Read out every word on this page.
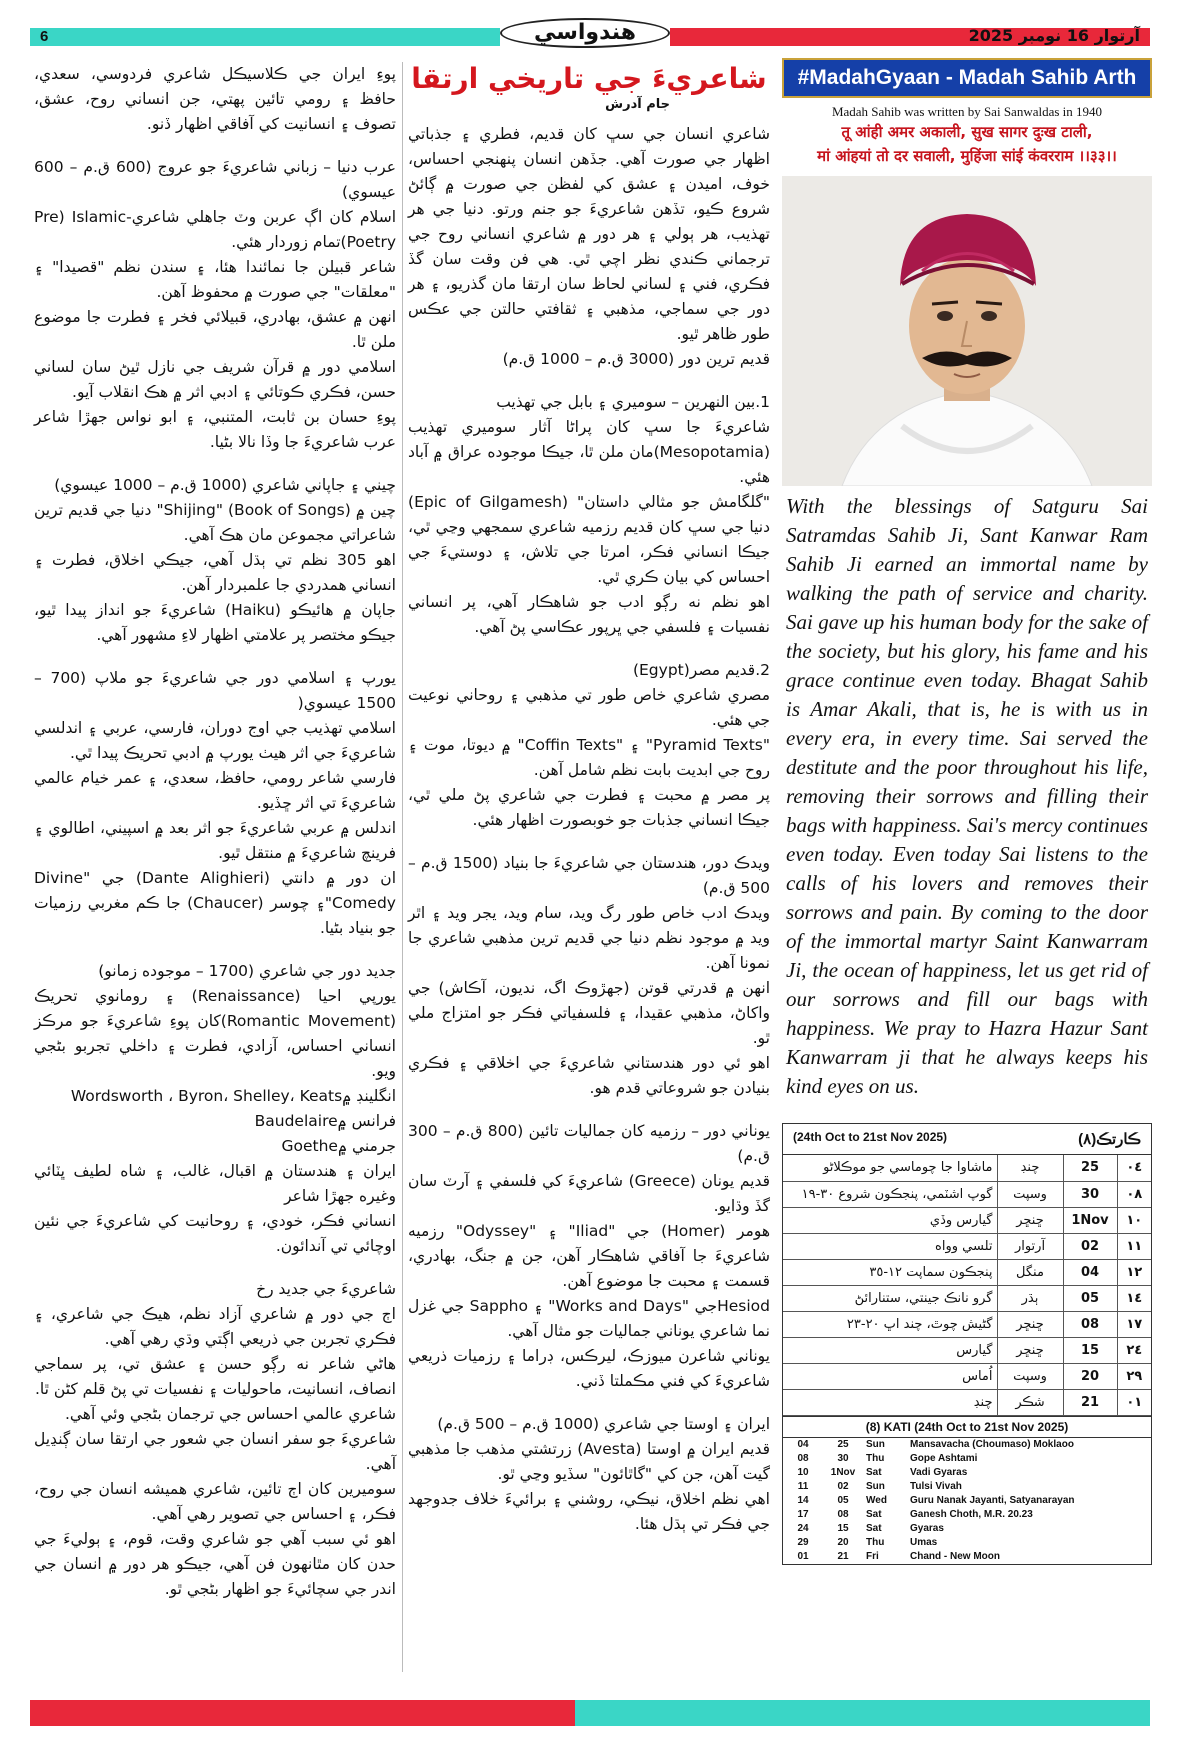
6	هندواسي	آرتوار 16 نومبر 2025

پوءِ ايران جي ڪلاسيڪل شاعري فردوسي، سعدي، حافظ ۽ رومي تائين پهتي، جن انساني روح، عشق، تصوف ۽ انسانيت کي آفاقي اظهار ڏنو.

عرب دنيا – زباني شاعريءَ جو عروج (600 ق.م – 600 عيسوي)

اسلام کان اڳ عربن وٽ جاهلي شاعري-Pre) Islamic Poetry)تمام زوردار هئي.

شاعر قبيلن جا نمائندا هئا، ۽ سندن نظم "قصيدا" ۽ "معلقات" جي صورت ۾ محفوظ آهن.

انهن ۾ عشق، بهادري، قبيلائي فخر ۽ فطرت جا موضوع ملن ٿا.

اسلامي دور ۾ قرآن شريف جي نازل ٿيڻ سان لساني حسن، فڪري ڪوتائي ۽ ادبي اثر ۾ هڪ انقلاب آيو.

پوءِ حسان بن ثابت، المتنبي، ۽ ابو نواس جهڙا شاعر عرب شاعريءَ جا وڏا نالا بڻيا.

چيني ۽ جاپاني شاعري (1000 ق.م – 1000 عيسوي)

چين ۾ (Shijing" (Book of Songs" دنيا جي قديم ترين شاعراتي مجموعن مان هڪ آهي.

اهو 305 نظم تي ٻڌل آهي، جيڪي اخلاق، فطرت ۽ انساني همدردي جا علمبردار آهن.

جاپان ۾ هائيڪو (Haiku) شاعريءَ جو انداز پيدا ٿيو، جيڪو مختصر پر علامتي اظهار لاءِ مشهور آهي.

يورپ ۽ اسلامي دور جي شاعريءَ جو ملاپ (700 – 1500 عيسوي(

اسلامي تهذيب جي اوج دوران، فارسي، عربي ۽ اندلسي شاعريءَ جي اثر هيٺ يورپ ۾ ادبي تحريڪ پيدا ٿي.

فارسي شاعر رومي، حافظ، سعدي، ۽ عمر خيام عالمي شاعريءَ تي اثر ڇڏيو.

اندلس ۾ عربي شاعريءَ جو اثر بعد ۾ اسپيني، اطالوي ۽ فرينچ شاعريءَ ۾ منتقل ٿيو.

ان دور ۾ دانتي (Dante Alighieri) جي "Divine Comedy"۽ چوسر (Chaucer) جا ڪم مغربي رزميات جو بنياد بڻيا.

جديد دور جي شاعري (1700 – موجوده زمانو)

يورپي احيا (Renaissance) ۽ رومانوي تحريڪ (Romantic Movement)کان پوءِ شاعريءَ جو مرڪز انساني احساس، آزادي، فطرت ۽ داخلي تجربو بڻجي ويو.

انگلينڊ ۾Wordsworth ، Byron، Shelley، Keats

فرانس ۾Baudelaire

جرمني ۾Goethe

ايران ۽ هندستان ۾ اقبال، غالب، ۽ شاه لطيف ڀٽائي وغيره جهڙا شاعر

انساني فڪر، خودي، ۽ روحانيت کي شاعريءَ جي نئين اوچائي تي آندائون.

شاعريءَ جي جديد رخ

اڄ جي دور ۾ شاعري آزاد نظم، هيڪ جي شاعري، ۽ فڪري تجربن جي ذريعي اڳتي وڌي رهي آهي.

هاڻي شاعر نه رڳو حسن ۽ عشق تي، پر سماجي انصاف، انسانيت، ماحوليات ۽ نفسيات تي پڻ قلم کڻن ٿا.

شاعري عالمي احساس جي ترجمان بڻجي وئي آهي.

شاعريءَ جو سفر انسان جي شعور جي ارتقا سان ڳنڍيل آهي.

سوميرين کان اڄ تائين، شاعري هميشه انسان جي روح، فڪر، ۽ احساس جي تصوير رهي آهي.

اهو ئي سبب آهي جو شاعري وقت، قوم، ۽ ٻوليءَ جي حدن کان مٿانهون فن آهي، جيڪو هر دور ۾ انسان جي اندر جي سچائيءَ جو اظهار بڻجي ٿو.

شاعريءَ جي تاريخي ارتقا
جام آدرش

شاعري انسان جي سڀ کان قديم، فطري ۽ جذباتي اظهار جي صورت آهي. جڏهن انسان پنهنجي احساس، خوف، اميدن ۽ عشق کي لفظن جي صورت ۾ ڳائڻ شروع ڪيو، تڏهن شاعريءَ جو جنم ورتو. دنيا جي هر تهذيب، هر ٻولي ۽ هر دور ۾ شاعري انساني روح جي ترجماني ڪندي نظر اچي ٿي. هي فن وقت سان گڏ فڪري، فني ۽ لساني لحاظ سان ارتقا مان گذريو، ۽ هر دور جي سماجي، مذهبي ۽ ثقافتي حالتن جي عڪس طور ظاهر ٿيو.

قديم ترين دور (3000 ق.م – 1000 ق.م)

1.بين النهرين – سوميري ۽ بابل جي تهذيب

شاعريءَ جا سڀ کان پراڻا آثار سوميري تهذيب (Mesopotamia)مان ملن ٿا، جيڪا موجوده عراق ۾ آباد هئي.

"گلگامش جو مثالي داستان" (Epic of Gilgamesh) دنيا جي سڀ کان قديم رزميه شاعري سمجهي وڃي ٿي، جيڪا انساني فڪر، امرتا جي تلاش، ۽ دوستيءَ جي احساس کي بيان ڪري ٿي.

اهو نظم نه رڳو ادب جو شاهڪار آهي، پر انساني نفسيات ۽ فلسفي جي ڀرپور عڪاسي پڻ آهي.

2.قديم مصر(Egypt)

مصري شاعري خاص طور تي مذهبي ۽ روحاني نوعيت جي هئي.

"Pyramid Texts" ۽ "Coffin Texts" ۾ ديوتا، موت ۽ روح جي ابديت بابت نظم شامل آهن.

پر مصر ۾ محبت ۽ فطرت جي شاعري پڻ ملي ٿي، جيڪا انساني جذبات جو خوبصورت اظهار هئي.

ويدڪ دور، هندستان جي شاعريءَ جا بنياد (1500 ق.م – 500 ق.م)

ويدڪ ادب خاص طور رگ ويد، سام ويد، يجر ويد ۽ اٿر ويد ۾ موجود نظم دنيا جي قديم ترين مذهبي شاعري جا نمونا آهن.

انهن ۾ قدرتي قوتن (جهڙوڪ اگ، نديون، آڪاش) جي واکاڻ، مذهبي عقيدا، ۽ فلسفياتي فڪر جو امتزاج ملي ٿو.

اهو ئي دور هندستاني شاعريءَ جي اخلاقي ۽ فڪري بنيادن جو شروعاتي قدم هو.

يوناني دور – رزميه کان جماليات تائين (800 ق.م – 300 ق.م)

قديم يونان (Greece) شاعريءَ کي فلسفي ۽ آرٽ سان گڏ وڌايو.

هومر (Homer) جي "Iliad" ۽ "Odyssey" رزميه شاعريءَ جا آفاقي شاهڪار آهن، جن ۾ جنگ، بهادري، قسمت ۽ محبت جا موضوع آهن.

Hesiodجي "Works and Days" ۽ Sappho جي غزل نما شاعري يوناني جماليات جو مثال آهي.

يوناني شاعرن ميوزڪ، ليرڪس، ڊراما ۽ رزميات ذريعي شاعريءَ کي فني مڪملتا ڏني.

ايران ۽ اوستا جي شاعري (1000 ق.م – 500 ق.م)

قديم ايران ۾ اوستا (Avesta) زرتشتي مذهب جا مذهبي گيت آهن، جن کي "گاٿائون" سڏيو وڃي ٿو.

اهي نظم اخلاق، نيڪي، روشني ۽ برائيءَ خلاف جدوجهد جي فڪر تي ٻڌل هئا.

#MadahGyaan - Madah Sahib Arth
Madah Sahib was written by Sai Sanwaldas in 1940
तू आंही अमर अकाली, सुख सागर दुःख टाली,
मां आंहयां तो दर सवाली, मुहिंजा सांई कंवरराम ।।३३।।
With the blessings of Satguru Sai Satramdas Sahib Ji, Sant Kanwar Ram Sahib Ji earned an immortal name by walking the path of service and charity. Sai gave up his human body for the sake of the society, but his glory, his fame and his grace continue even today. Bhagat Sahib is Amar Akali, that is, he is with us in every era, in every time. Sai served the destitute and the poor throughout his life, removing their sorrows and filling their bags with happiness. Sai's mercy continues even today. Even today Sai listens to the calls of his lovers and removes their sorrows and pain. By coming to the door of the immortal martyr Saint Kanwarram Ji, the ocean of happiness, let us get rid of our sorrows and fill our bags with happiness. We pray to Hazra Hazur Sant Kanwarram ji that he always keeps his kind eyes on us.
(24th Oct to 21st Nov 2025)	ڪارتڪ(٨)
٠٤	25	چنڊ	ماشاوا جا چوماسي جو موڪلاڻو
٠٨	30	وسپت	گوپ اشٽمي، پنجڪون شروع ٣٠-١٩
١٠	1Nov	ڇنڇر	گيارس وڏي
١١	02	آرتوار	تلسي وواه
١٢	04	منگل	پنجڪون سماپت ١٢-٣٥
١٤	05	ٻڌر	گرو نانڪ جينتي، ستنارائڻ
١٧	08	ڇنڇر	گڻيش چوٿ، چند اڀ ٢٠-٢٣
٢٤	15	ڇنڇر	گيارس
٢٩	20	وسپت	اُماس
٠١	21	شڪر	چنڊ
(8) KATI (24th Oct to 21st Nov 2025)
04	25	Sun	Mansavacha (Choumaso) Moklaoo
08	30	Thu	Gope Ashtami
10	1Nov	Sat	Vadi Gyaras
11	02	Sun	Tulsi Vivah
14	05	Wed	Guru Nanak Jayanti, Satyanarayan
17	08	Sat	Ganesh Choth, M.R. 20.23
24	15	Sat	Gyaras
29	20	Thu	Umas
01	21	Fri	Chand - New Moon
